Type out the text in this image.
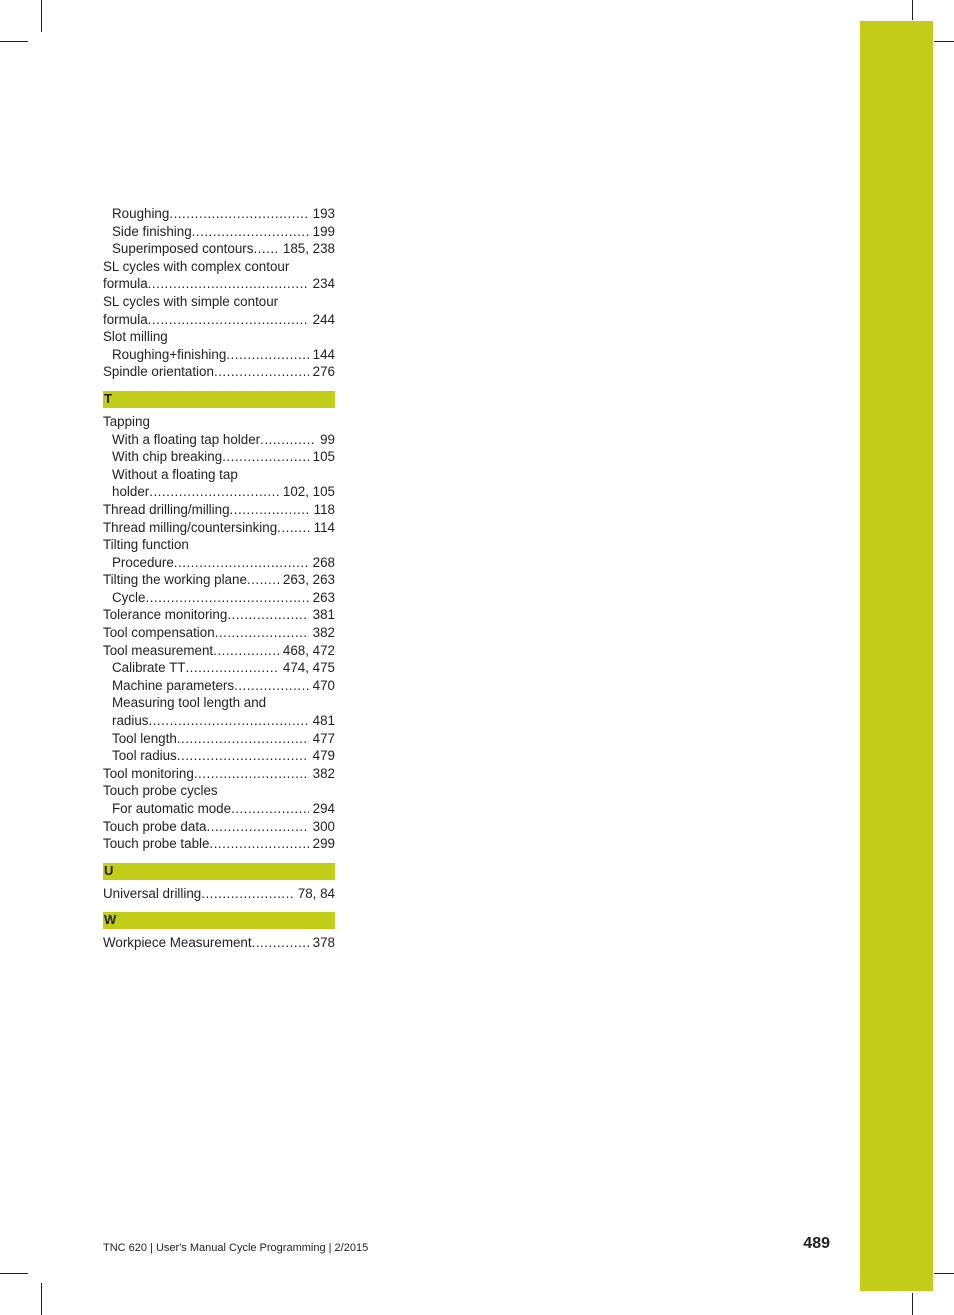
Roughing .....	193
Side finishing .....	199
Superimposed contours ..... 185, 238
SL cycles with complex contour
formula .....	234
SL cycles with simple contour
formula .....	244
Slot milling
Roughing+finishing .....	144
Spindle orientation .....	276
T
Tapping
With a floating tap holder .....	99
With chip breaking .....	105
Without a floating tap
holder .....	102, 105
Thread drilling/milling .....	118
Thread milling/countersinking .....	114
Tilting function
Procedure .....	268
Tilting the working plane .....	263, 263
Cycle .....	263
Tolerance monitoring .....	381
Tool compensation .....	382
Tool measurement .....	468, 472
Calibrate TT .....	474, 475
Machine parameters .....	470
Measuring tool length and
radius .....	481
Tool length .....	477
Tool radius .....	479
Tool monitoring .....	382
Touch probe cycles
For automatic mode .....	294
Touch probe data .....	300
Touch probe table .....	299
U
Universal drilling .....	78, 84
W
Workpiece Measurement .....	378
TNC 620 | User's Manual Cycle Programming | 2/2015	489
